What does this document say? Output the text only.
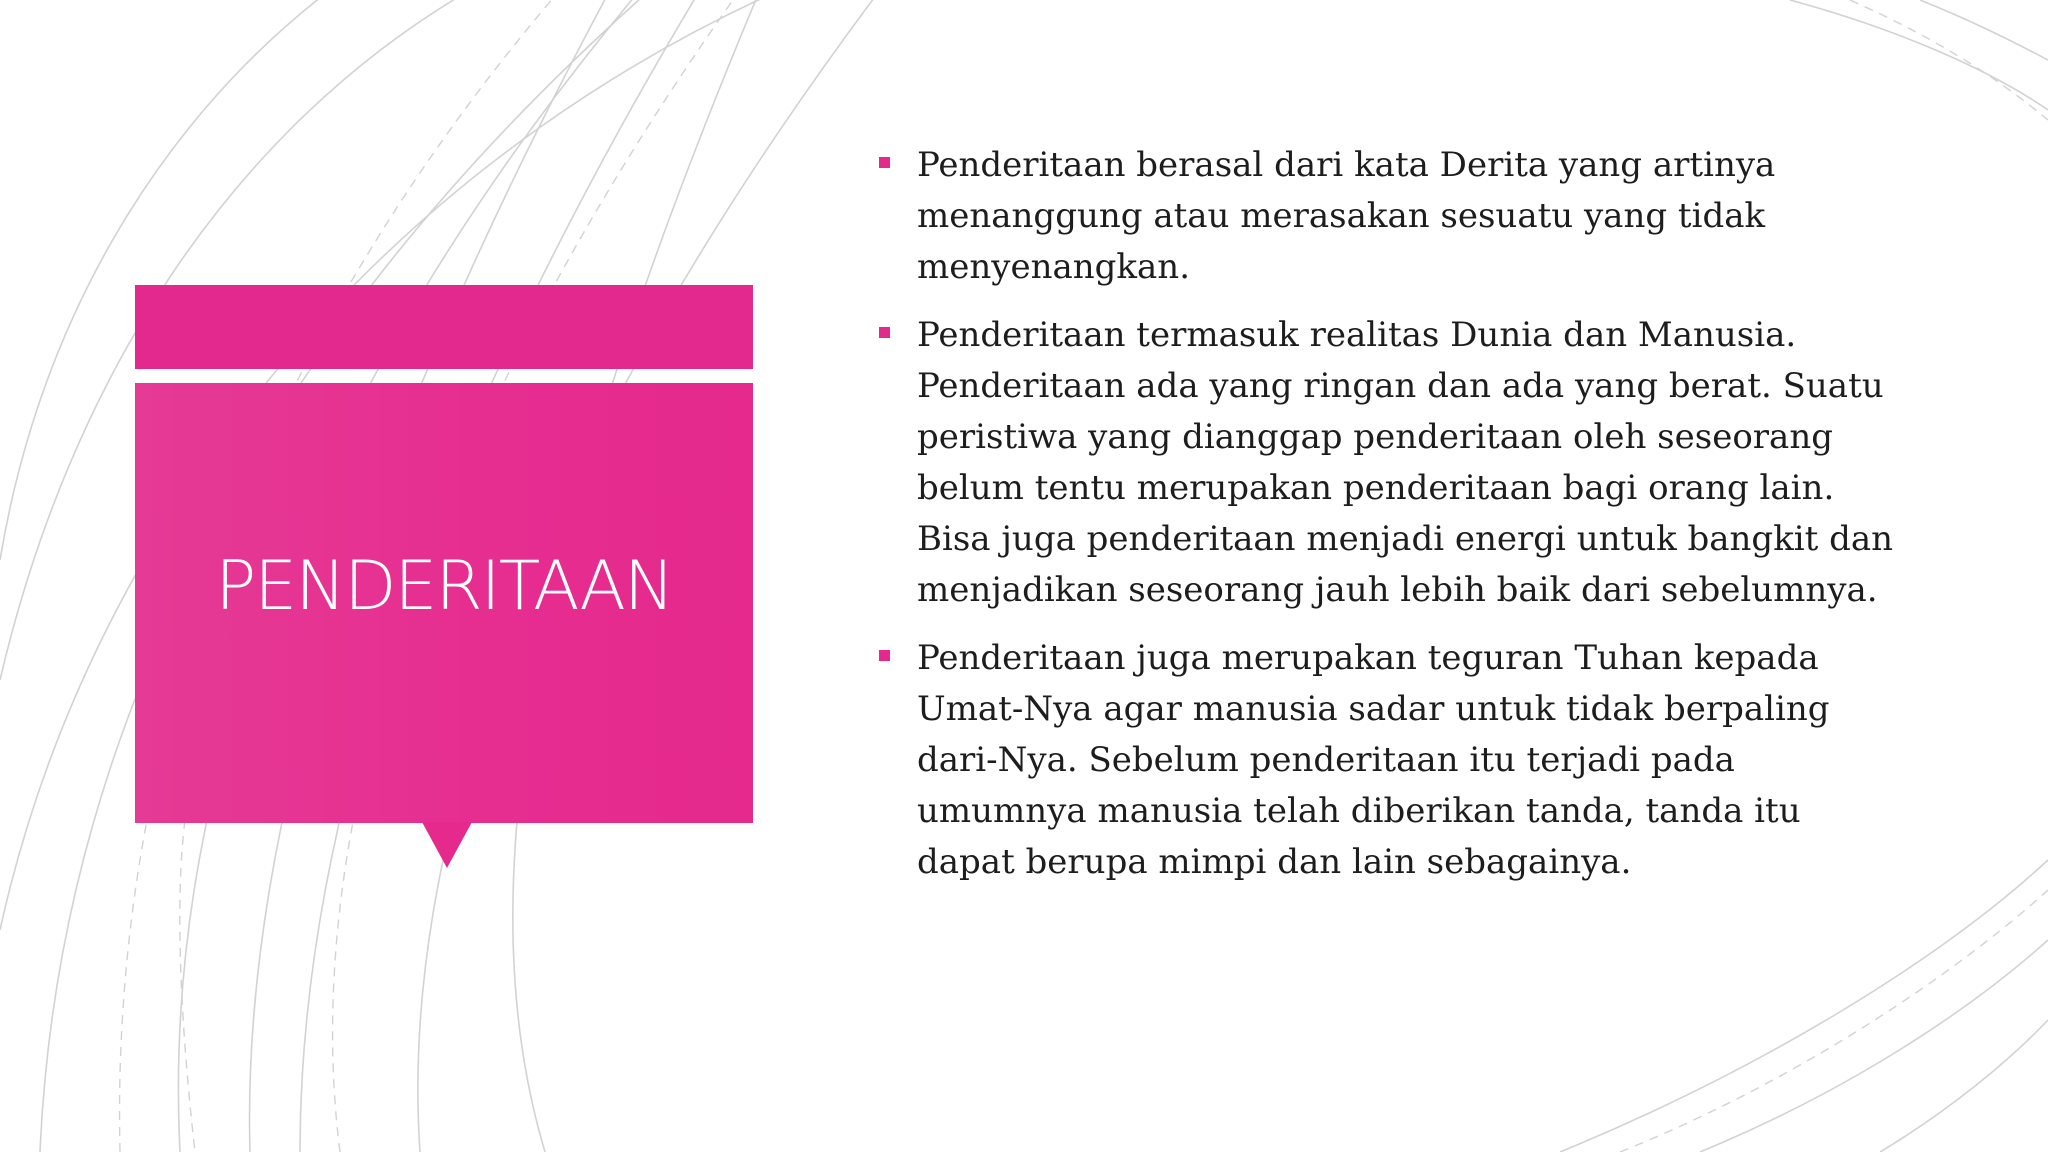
PENDERITAAN
Penderitaan berasal dari kata Derita yang artinya menanggung atau merasakan sesuatu yang tidak menyenangkan.
Penderitaan termasuk realitas Dunia dan Manusia. Penderitaan ada yang ringan dan ada yang berat. Suatu peristiwa yang dianggap penderitaan oleh seseorang belum tentu merupakan penderitaan bagi orang lain. Bisa juga penderitaan menjadi energi untuk bangkit dan menjadikan seseorang jauh lebih baik dari sebelumnya.
Penderitaan juga merupakan teguran Tuhan kepada Umat-Nya agar manusia sadar untuk tidak berpaling dari-Nya. Sebelum penderitaan itu terjadi pada umumnya manusia telah diberikan tanda, tanda itu dapat berupa mimpi dan lain sebagainya.
